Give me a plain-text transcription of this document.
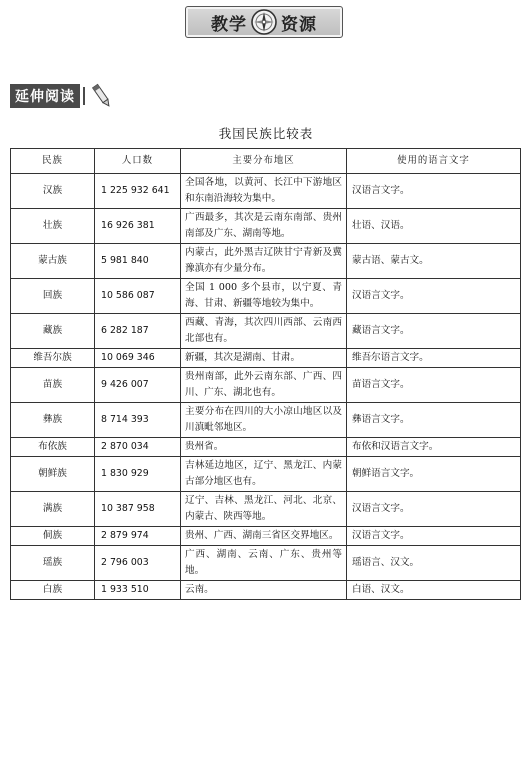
教学 资源
延伸阅读
我国民族比较表
民族	人口数	主要分布地区	使用的语言文字
汉族	1 225 932 641	全国各地，以黄河、长江中下游地区和东南沿海较为集中。	汉语言文字。
壮族	16 926 381	广西最多，其次是云南东南部、贵州南部及广东、湖南等地。	壮语、汉语。
蒙古族	5 981 840	内蒙古，此外黑吉辽陕甘宁青新及冀豫滇亦有少量分布。	蒙古语、蒙古文。
回族	10 586 087	全国 1 000 多个县市，以宁夏、青海、甘肃、新疆等地较为集中。	汉语言文字。
藏族	6 282 187	西藏、青海，其次四川西部、云南西北部也有。	藏语言文字。
维吾尔族	10 069 346	新疆，其次是湖南、甘肃。	维吾尔语言文字。
苗族	9 426 007	贵州南部，此外云南东部、广西、四川、广东、湖北也有。	苗语言文字。
彝族	8 714 393	主要分布在四川的大小凉山地区以及川滇毗邻地区。	彝语言文字。
布依族	2 870 034	贵州省。	布依和汉语言文字。
朝鲜族	1 830 929	吉林延边地区，辽宁、黑龙江、内蒙古部分地区也有。	朝鲜语言文字。
满族	10 387 958	辽宁、吉林、黑龙江、河北、北京、内蒙古、陕西等地。	汉语言文字。
侗族	2 879 974	贵州、广西、湖南三省区交界地区。	汉语言文字。
瑶族	2 796 003	广西、湖南、云南、广东、贵州等地。	瑶语言、汉文。
白族	1 933 510	云南。	白语、汉文。
